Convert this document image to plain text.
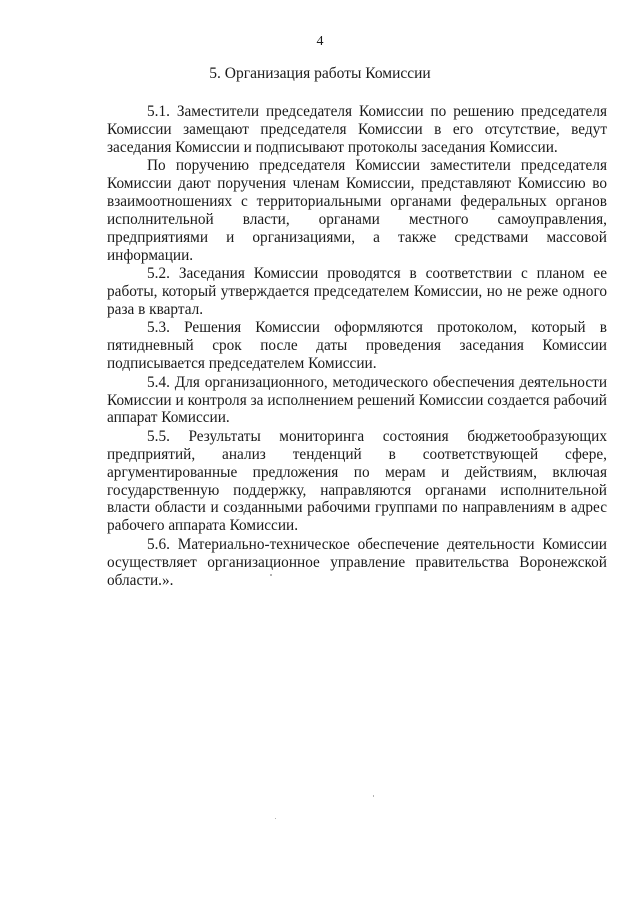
4
5. Организация работы Комиссии

5.1. Заместители председателя Комиссии по решению председателя Комиссии замещают председателя Комиссии в его отсутствие, ведут заседания Комиссии и подписывают протоколы заседания Комиссии.

По поручению председателя Комиссии заместители председателя Комиссии дают поручения членам Комиссии, представляют Комиссию во взаимоотношениях с территориальными органами федеральных органов исполнительной власти, органами местного самоуправления, предприятиями и организациями, а также средствами массовой информации.

5.2. Заседания Комиссии проводятся в соответствии с планом ее работы, который утверждается председателем Комиссии, но не реже одного раза в квартал.

5.3. Решения Комиссии оформляются протоколом, который в пятидневный срок после даты проведения заседания Комиссии подписывается председателем Комиссии.

5.4. Для организационного, методического обеспечения деятельности Комиссии и контроля за исполнением решений Комиссии создается рабочий аппарат Комиссии.

5.5. Результаты мониторинга состояния бюджетообразующих предприятий, анализ тенденций в соответствующей сфере, аргументированные предложения по мерам и действиям, включая государственную поддержку, направляются органами исполнительной власти области и созданными рабочими группами по направлениям в адрес рабочего аппарата Комиссии.

5.6. Материально-техническое обеспечение деятельности Комиссии осуществляет организационное управление правительства Воронежской области.».
